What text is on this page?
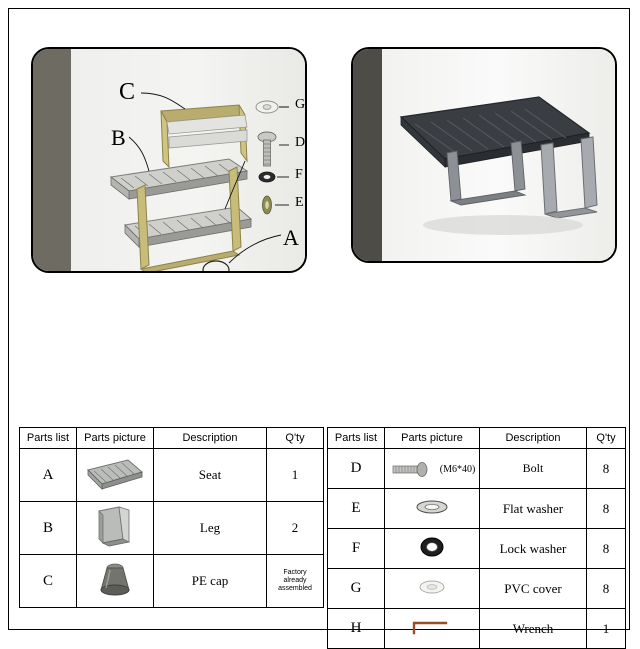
C
B
A
G
D
F
E
Parts list	Parts picture	Description	Q'ty
A		Seat	1
B		Leg	2
C		PE cap	Factory
already
assembled
Parts list	Parts picture	Description	Q'ty
D	(M6*40)	Bolt	8
E		Flat washer	8
F		Lock washer	8
G		PVC cover	8
H		Wrench	1
